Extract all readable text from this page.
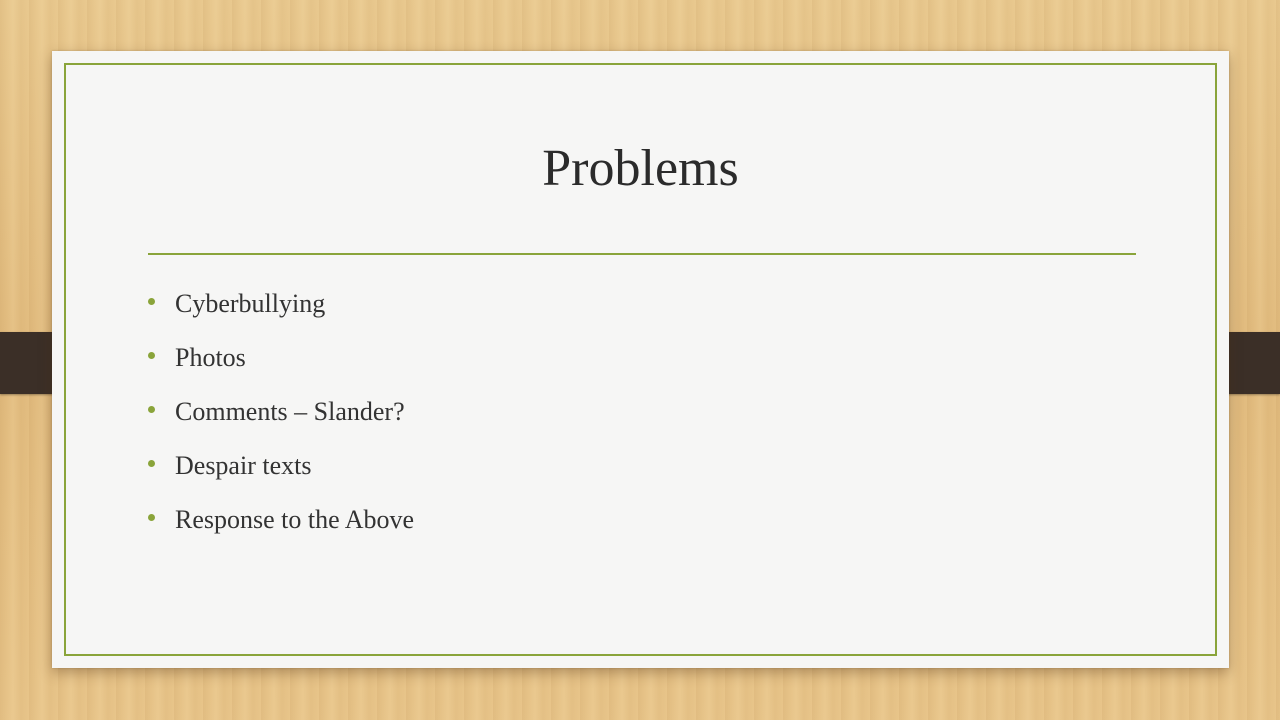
Problems
Cyberbullying
Photos
Comments – Slander?
Despair texts
Response to the Above
